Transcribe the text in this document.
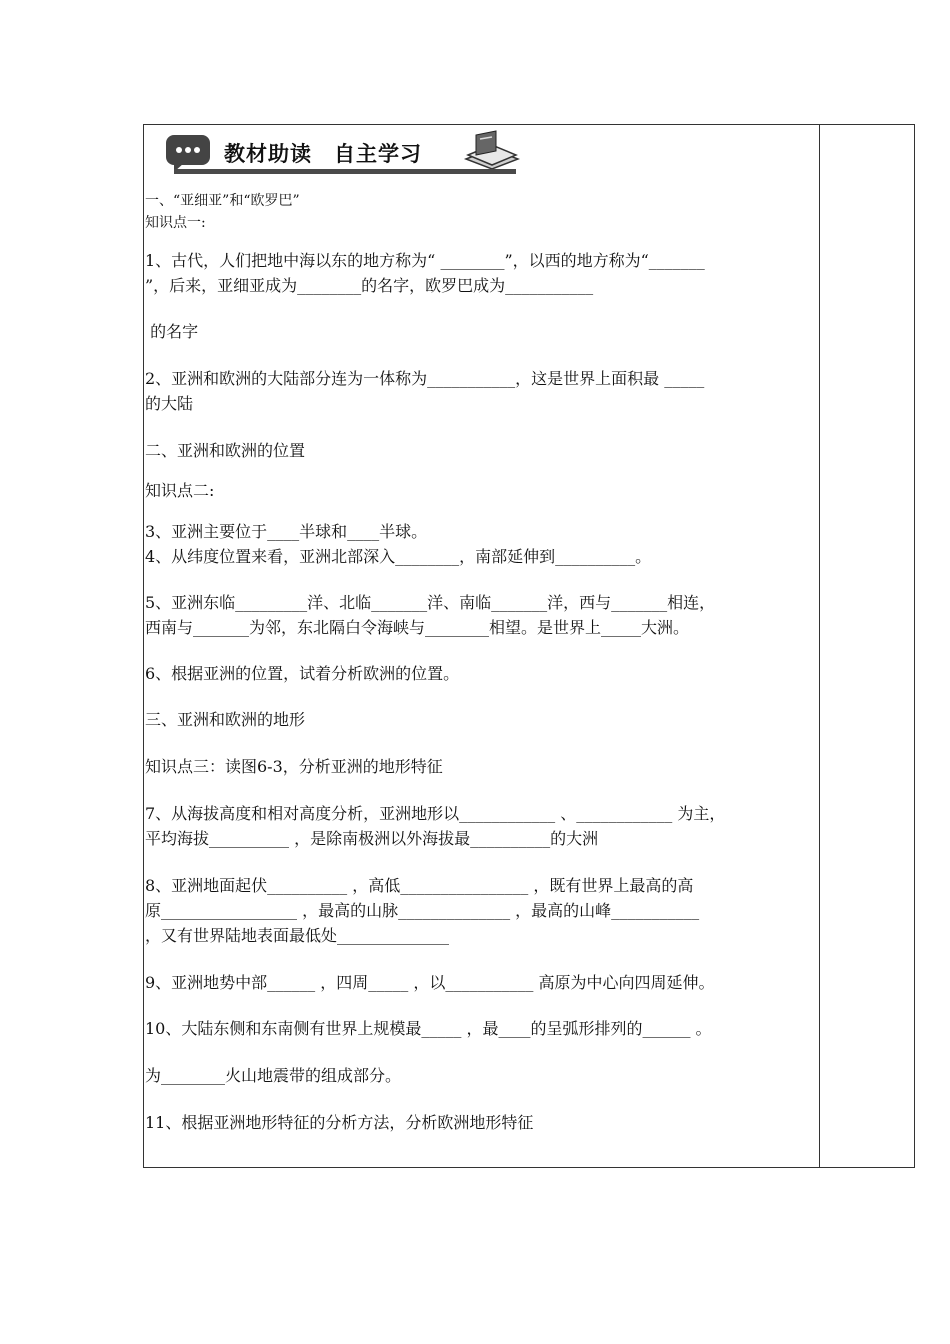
教材助读　自主学习

一、“亚细亚”和“欧罗巴”

知识点一:

1、古代，人们把地中海以东的地方称为“ ________”，以西的地方称为“_______

”，后来，亚细亚成为________的名字，欧罗巴成为___________

的名字

2、亚洲和欧洲的大陆部分连为一体称为___________，这是世界上面积最 _____

的大陆

二、亚洲和欧洲的位置

知识点二:

3、亚洲主要位于____半球和____半球。

4、从纬度位置来看，亚洲北部深入________，南部延伸到__________。

5、亚洲东临_________洋、北临_______洋、南临_______洋，西与_______相连，

西南与_______为邻，东北隔白令海峡与________相望。是世界上_____大洲。

6、根据亚洲的位置，试着分析欧洲的位置。

三、亚洲和欧洲的地形

知识点三：读图6-3，分析亚洲的地形特征

7、从海拔高度和相对高度分析，亚洲地形以____________ 、____________ 为主，

平均海拔__________ ，是除南极洲以外海拔最__________的大洲

8、亚洲地面起伏__________ ，高低________________ ，既有世界上最高的高

原_________________ ，最高的山脉______________ ，最高的山峰___________

，又有世界陆地表面最低处______________

9、亚洲地势中部______ ，四周_____ ，以___________ 高原为中心向四周延伸。

10、大陆东侧和东南侧有世界上规模最_____ ，最____的呈弧形排列的______ 。

为________火山地震带的组成部分。

11、根据亚洲地形特征的分析方法，分析欧洲地形特征
